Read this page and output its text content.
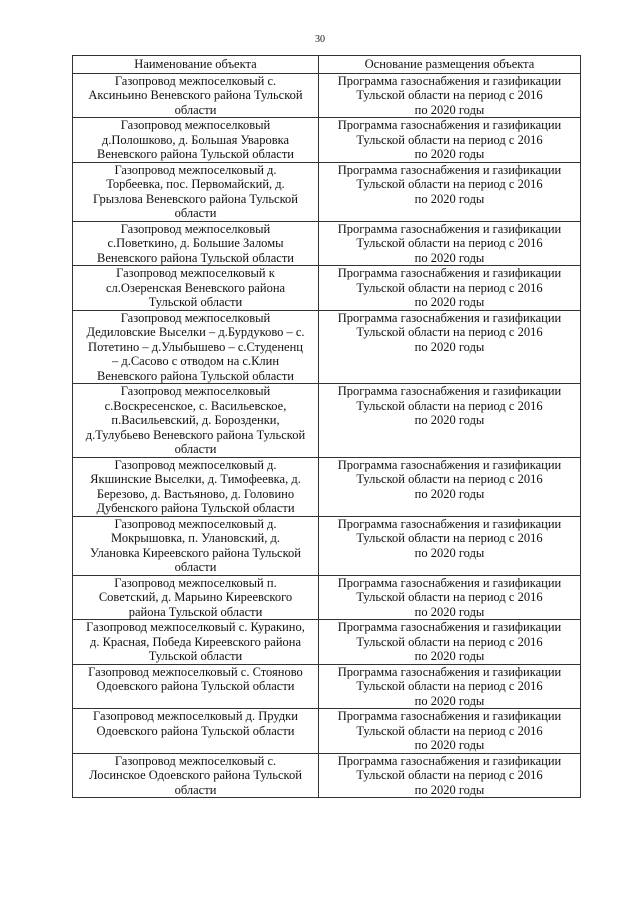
30
Наименование объекта	Основание размещения объекта
Газопровод межпоселковый с.
Аксиньино Веневского района Тульской
области	Программа газоснабжения и газификации
Тульской области на период с 2016
по 2020 годы
Газопровод межпоселковый
д.Полошково, д. Большая Уваровка
Веневского района Тульской области	Программа газоснабжения и газификации
Тульской области на период с 2016
по 2020 годы
Газопровод межпоселковый д.
Торбеевка, пос. Первомайский, д.
Грызлова Веневского района Тульской
области	Программа газоснабжения и газификации
Тульской области на период с 2016
по 2020 годы
Газопровод межпоселковый
с.Поветкино, д. Большие Заломы
Веневского района Тульской области	Программа газоснабжения и газификации
Тульской области на период с 2016
по 2020 годы
Газопровод межпоселковый к
сл.Озеренская Веневского района
Тульской области	Программа газоснабжения и газификации
Тульской области на период с 2016
по 2020 годы
Газопровод межпоселковый
Дедиловские Выселки – д.Бурдуково – с.
Потетино – д.Улыбышево – с.Студененц
– д.Сасово с отводом на с.Клин
Веневского района Тульской области	Программа газоснабжения и газификации
Тульской области на период с 2016
по 2020 годы
Газопровод межпоселковый
с.Воскресенское, с. Васильевское,
п.Васильевский, д. Борозденки,
д.Тулубьево Веневского района Тульской
области	Программа газоснабжения и газификации
Тульской области на период с 2016
по 2020 годы
Газопровод межпоселковый д.
Якшинские Выселки, д. Тимофеевка, д.
Березово, д. Вастьяново, д. Головино
Дубенского района Тульской области	Программа газоснабжения и газификации
Тульской области на период с 2016
по 2020 годы
Газопровод межпоселковый д.
Мокрышовка, п. Улановский, д.
Улановка Киреевского района Тульской
области	Программа газоснабжения и газификации
Тульской области на период с 2016
по 2020 годы
Газопровод межпоселковый п.
Советский, д. Марьино Киреевского
района Тульской области	Программа газоснабжения и газификации
Тульской области на период с 2016
по 2020 годы
Газопровод межпоселковый с. Куракино,
д. Красная, Победа Киреевского района
Тульской области	Программа газоснабжения и газификации
Тульской области на период с 2016
по 2020 годы
Газопровод межпоселковый с. Стояново
Одоевского района Тульской области	Программа газоснабжения и газификации
Тульской области на период с 2016
по 2020 годы
Газопровод межпоселковый д. Прудки
Одоевского района Тульской области	Программа газоснабжения и газификации
Тульской области на период с 2016
по 2020 годы
Газопровод межпоселковый с.
Лосинское Одоевского района Тульской
области	Программа газоснабжения и газификации
Тульской области на период с 2016
по 2020 годы
